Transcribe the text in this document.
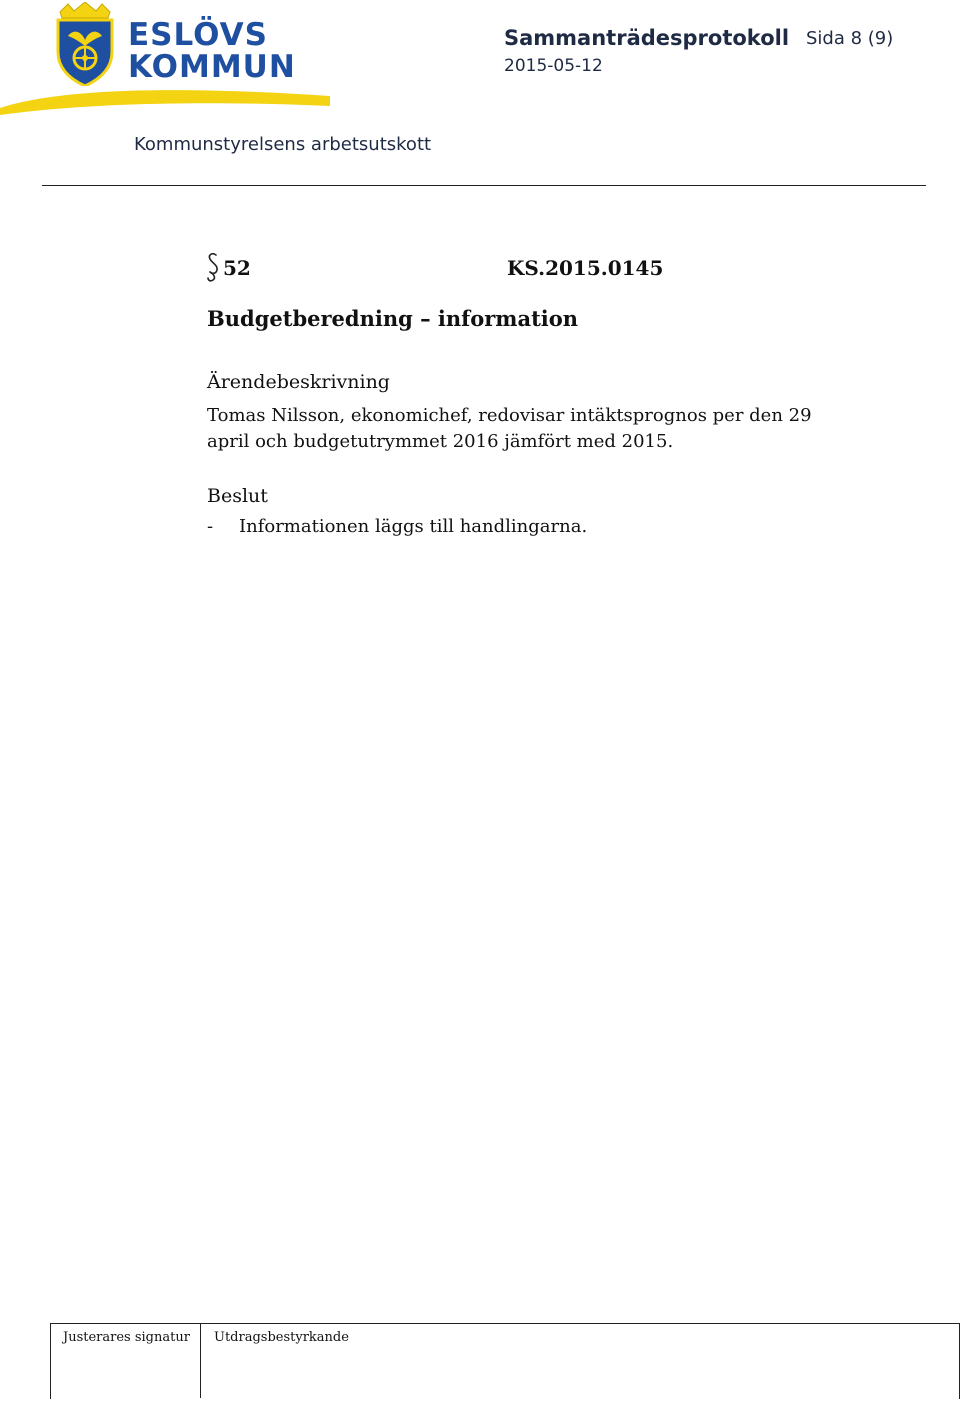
ESLÖVS
KOMMUN
Sammanträdesprotokoll Sida 8 (9)
2015-05-12
Kommunstyrelsens arbetsutskott
52	KS.2015.0145
Budgetberedning – information
Ärendebeskrivning
Tomas Nilsson, ekonomichef, redovisar intäktsprognos per den 29 april och budgetutrymmet 2016 jämfört med 2015.
Beslut
- Informationen läggs till handlingarna.
Justerares signatur Utdragsbestyrkande
